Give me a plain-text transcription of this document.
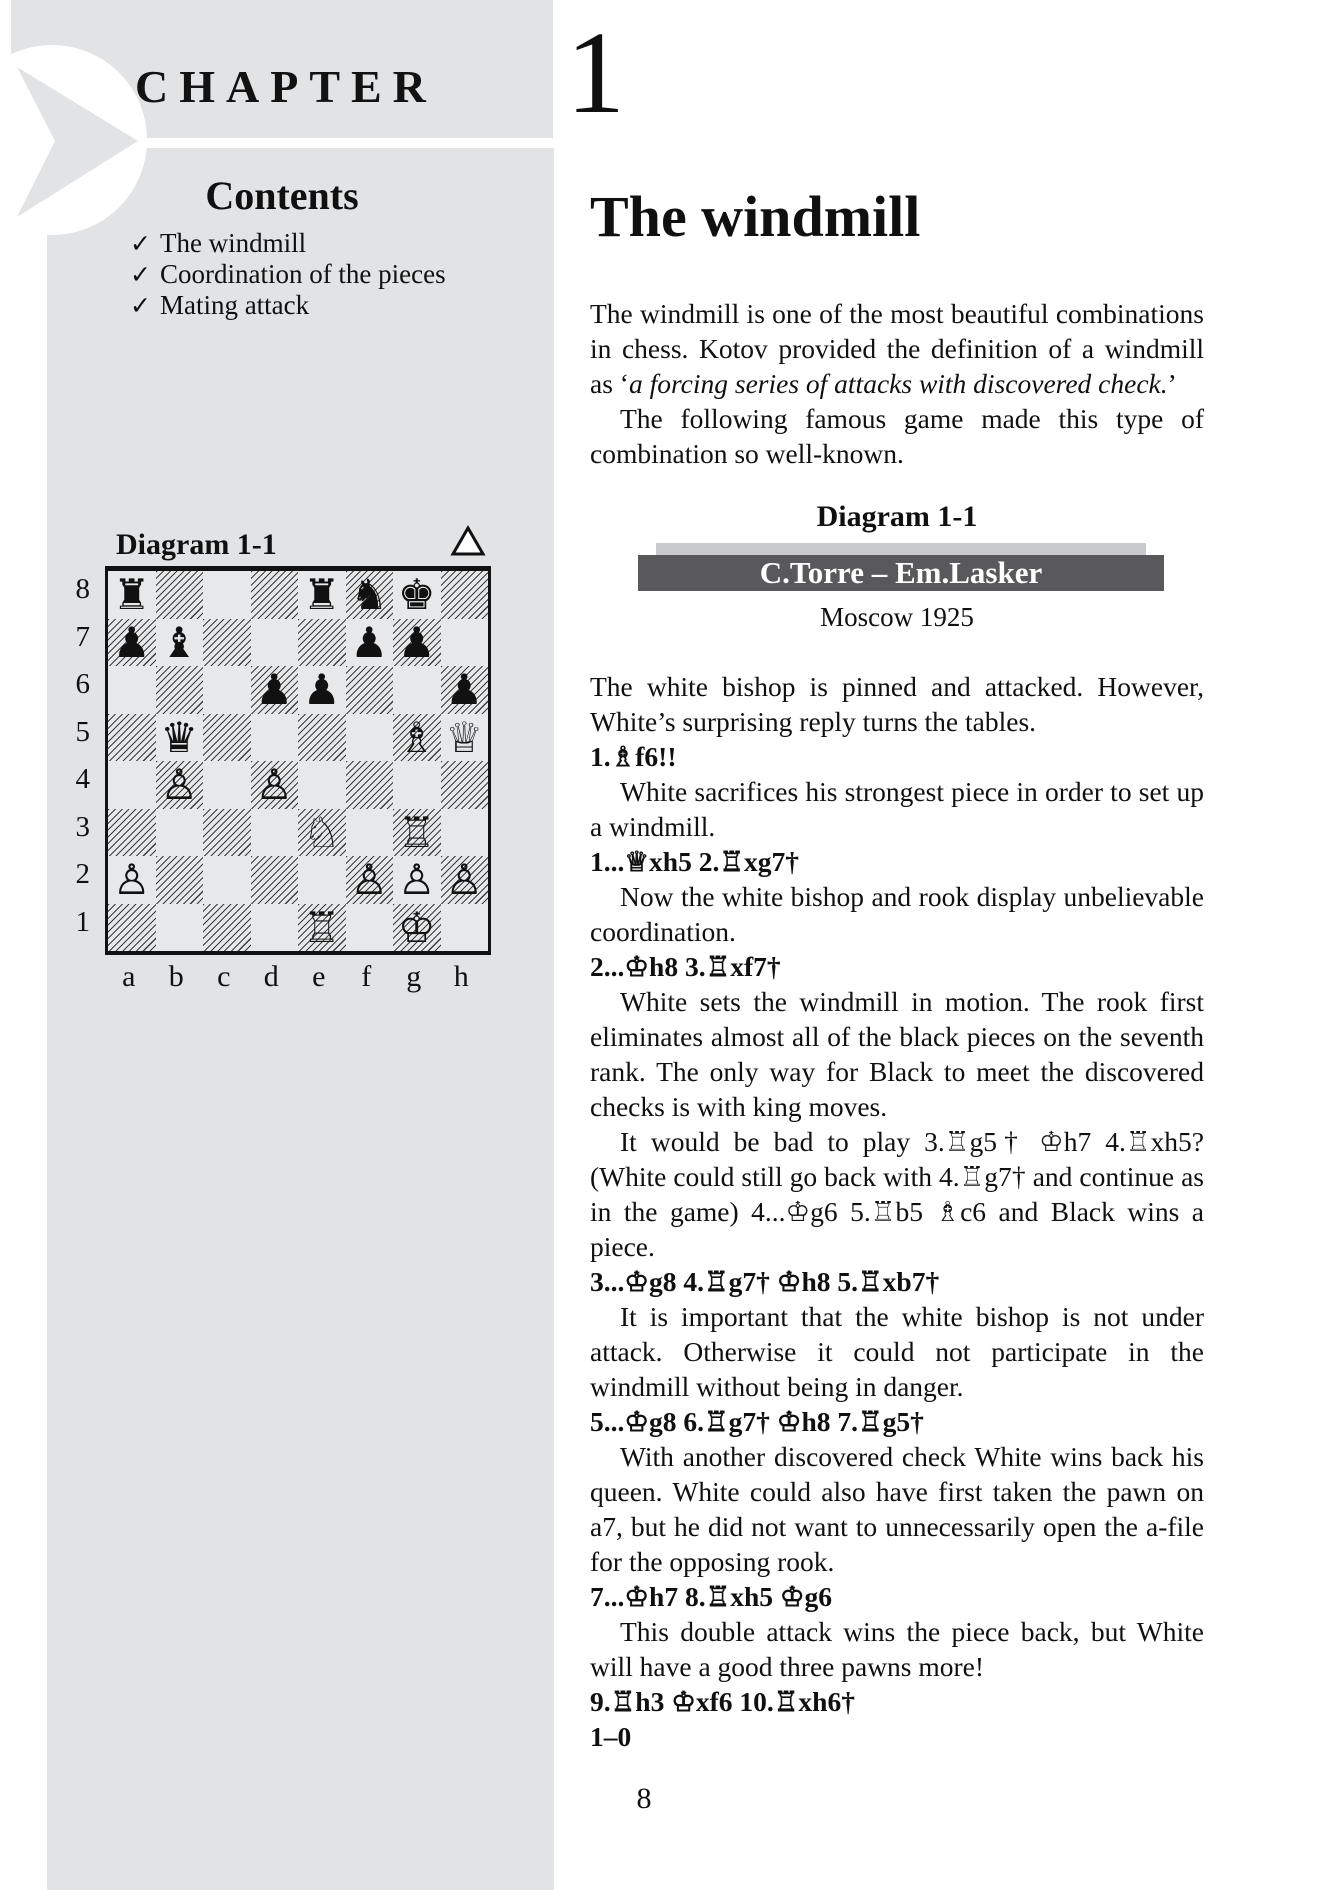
CHAPTER 1
Contents
✓ The windmill
✓ Coordination of the pieces
✓ Mating attack
Diagram 1-1
♜	♜ ♞ ♚
♟ ♝	♟ ♟
♟ ♟ ♟
♛	♗ ♕
♙ ♙
♘ ♖
♙	♙ ♙ ♙
♖ ♔
8
7
6
5
4
3
2
1
a	b	c	d	e	f	g	h
The windmill
The windmill is one of the most beautiful combinations in chess. Kotov provided the definition of a windmill as ‘a forcing series of attacks with discovered check.’
The following famous game made this type of combination so well-known.
Diagram 1-1
C.Torre – Em.Lasker
Moscow 1925
The white bishop is pinned and attacked. However, White’s surprising reply turns the tables.
1.♗f6!!
White sacrifices his strongest piece in order to set up a windmill.
1...♕xh5 2.♖xg7†
Now the white bishop and rook display unbelievable coordination.
2...♔h8 3.♖xf7†
White sets the windmill in motion. The rook first eliminates almost all of the black pieces on the seventh rank. The only way for Black to meet the discovered checks is with king moves.
It would be bad to play 3.♖g5† ♔h7 4.♖xh5? (White could still go back with 4.♖g7† and continue as in the game) 4...♔g6 5.♖b5 ♗c6 and Black wins a piece.
3...♔g8 4.♖g7† ♔h8 5.♖xb7†
It is important that the white bishop is not under attack. Otherwise it could not participate in the windmill without being in danger.
5...♔g8 6.♖g7† ♔h8 7.♖g5†
With another discovered check White wins back his queen. White could also have first taken the pawn on a7, but he did not want to unnecessarily open the a-file for the opposing rook.
7...♔h7 8.♖xh5 ♔g6
This double attack wins the piece back, but White will have a good three pawns more!
9.♖h3 ♔xf6 10.♖xh6†
1–0
8
